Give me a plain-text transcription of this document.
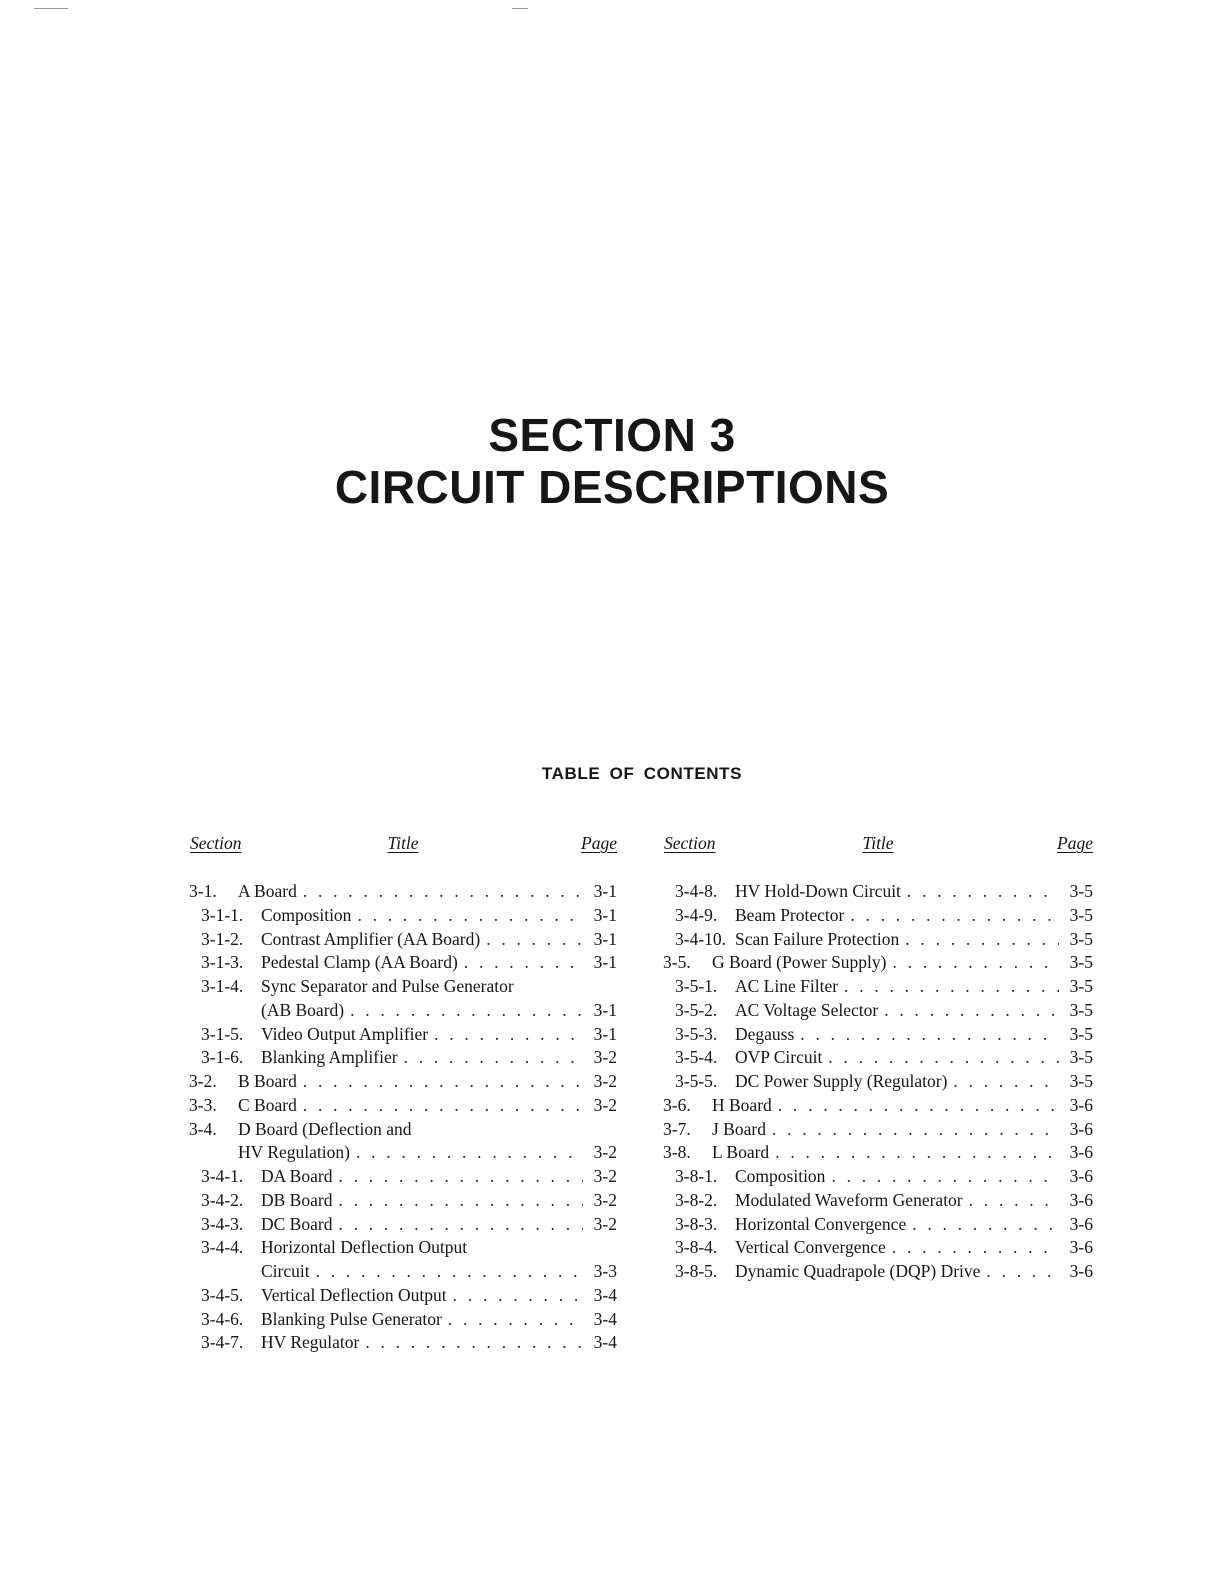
SECTION 3
CIRCUIT DESCRIPTIONS
TABLE OF CONTENTS
Section	Title	Page
3-1.	A Board . . .	3-1
3-1-1.	Composition . . .	3-1
3-1-2.	Contrast Amplifier (AA Board) . . .	3-1
3-1-3.	Pedestal Clamp (AA Board) . . .	3-1
3-1-4.	Sync Separator and Pulse Generator
(AB Board) . . .	3-1
3-1-5.	Video Output Amplifier . . .	3-1
3-1-6.	Blanking Amplifier . . .	3-2
3-2.	B Board . . .	3-2
3-3.	C Board . . .	3-2
3-4.	D Board (Deflection and
HV Regulation) . . .	3-2
3-4-1.	DA Board . . .	3-2
3-4-2.	DB Board . . .	3-2
3-4-3.	DC Board . . .	3-2
3-4-4.	Horizontal Deflection Output
Circuit . . .	3-3
3-4-5.	Vertical Deflection Output . . .	3-4
3-4-6.	Blanking Pulse Generator . . .	3-4
3-4-7.	HV Regulator . . .	3-4
Section	Title	Page
3-4-8.	HV Hold-Down Circuit . . .	3-5
3-4-9.	Beam Protector . . .	3-5
3-4-10. Scan Failure Protection . . .	3-5
3-5.	G Board (Power Supply) . . .	3-5
3-5-1.	AC Line Filter . . .	3-5
3-5-2.	AC Voltage Selector . . .	3-5
3-5-3.	Degauss . . .	3-5
3-5-4.	OVP Circuit . . .	3-5
3-5-5.	DC Power Supply (Regulator) . . .	3-5
3-6.	H Board . . .	3-6
3-7.	J Board . . .	3-6
3-8.	L Board . . .	3-6
3-8-1.	Composition . . .	3-6
3-8-2.	Modulated Waveform Generator . . .	3-6
3-8-3.	Horizontal Convergence . . .	3-6
3-8-4.	Vertical Convergence . . .	3-6
3-8-5.	Dynamic Quadrapole (DQP) Drive . . .	3-6
